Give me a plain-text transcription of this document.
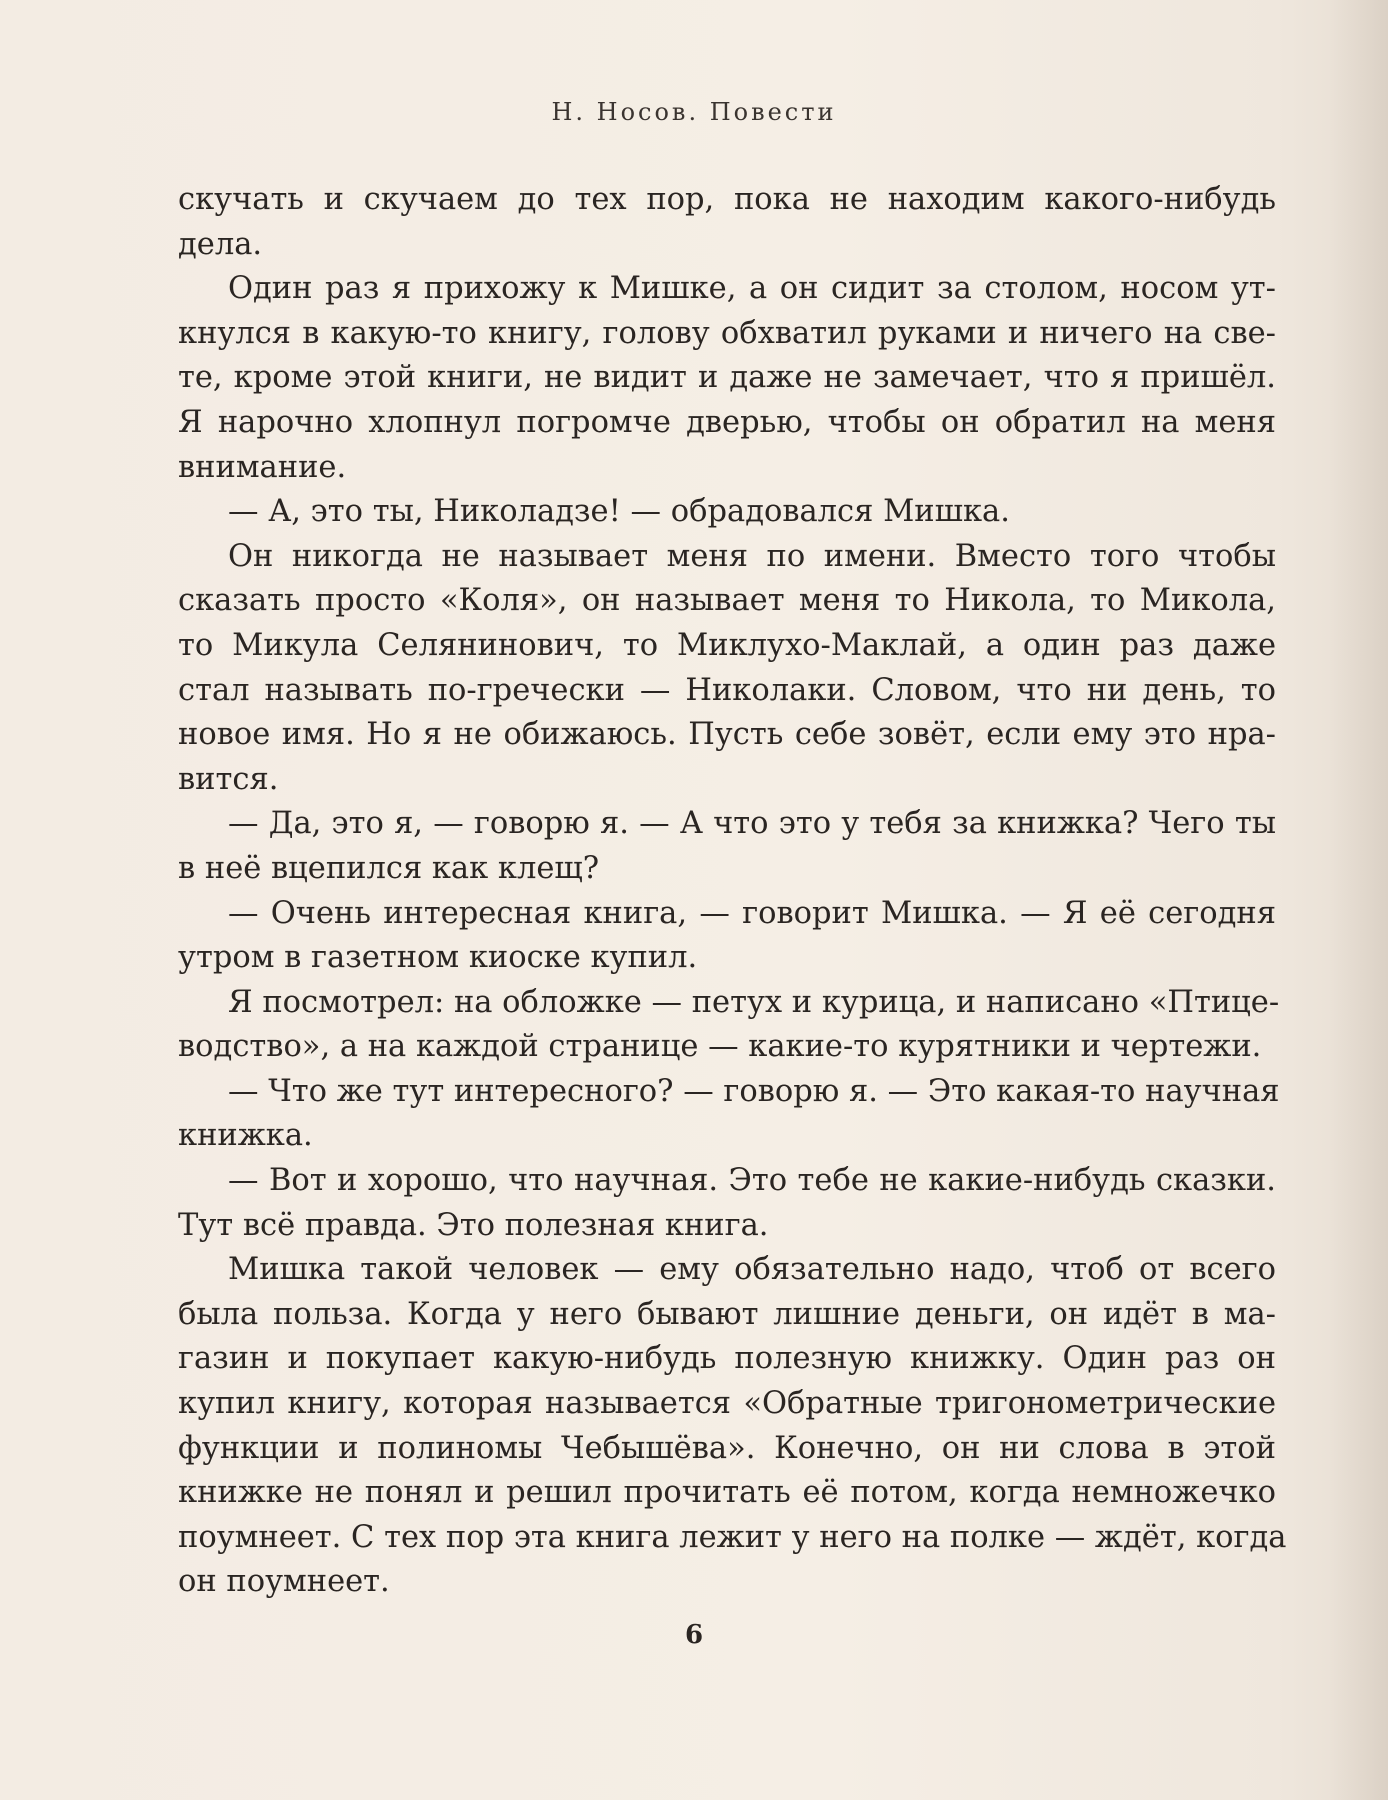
Н. Носов. Повести
скучать и скучаем до тех пор, пока не находим какого-нибудь
дела.
Один раз я прихожу к Мишке, а он сидит за столом, носом ут-
кнулся в какую-то книгу, голову обхватил руками и ничего на све-
те, кроме этой книги, не видит и даже не замечает, что я пришёл.
Я нарочно хлопнул погромче дверью, чтобы он обратил на меня
внимание.
— А, это ты, Николадзе! — обрадовался Мишка.
Он никогда не называет меня по имени. Вместо того чтобы
сказать просто «Коля», он называет меня то Никола, то Микола,
то Микула Селянинович, то Миклухо-Маклай, а один раз даже
стал называть по-гречески — Николаки. Словом, что ни день, то
новое имя. Но я не обижаюсь. Пусть себе зовёт, если ему это нра-
вится.
— Да, это я, — говорю я. — А что это у тебя за книжка? Чего ты
в неё вцепился как клещ?
— Очень интересная книга, — говорит Мишка. — Я её сегодня
утром в газетном киоске купил.
Я посмотрел: на обложке — петух и курица, и написано «Птице-
водство», а на каждой странице — какие-то курятники и чертежи.
— Что же тут интересного? — говорю я. — Это какая-то научная
книжка.
— Вот и хорошо, что научная. Это тебе не какие-нибудь сказки.
Тут всё правда. Это полезная книга.
Мишка такой человек — ему обязательно надо, чтоб от всего
была польза. Когда у него бывают лишние деньги, он идёт в ма-
газин и покупает какую-нибудь полезную книжку. Один раз он
купил книгу, которая называется «Обратные тригонометрические
функции и полиномы Чебышёва». Конечно, он ни слова в этой
книжке не понял и решил прочитать её потом, когда немножечко
поумнеет. С тех пор эта книга лежит у него на полке — ждёт, когда
он поумнеет.
6
